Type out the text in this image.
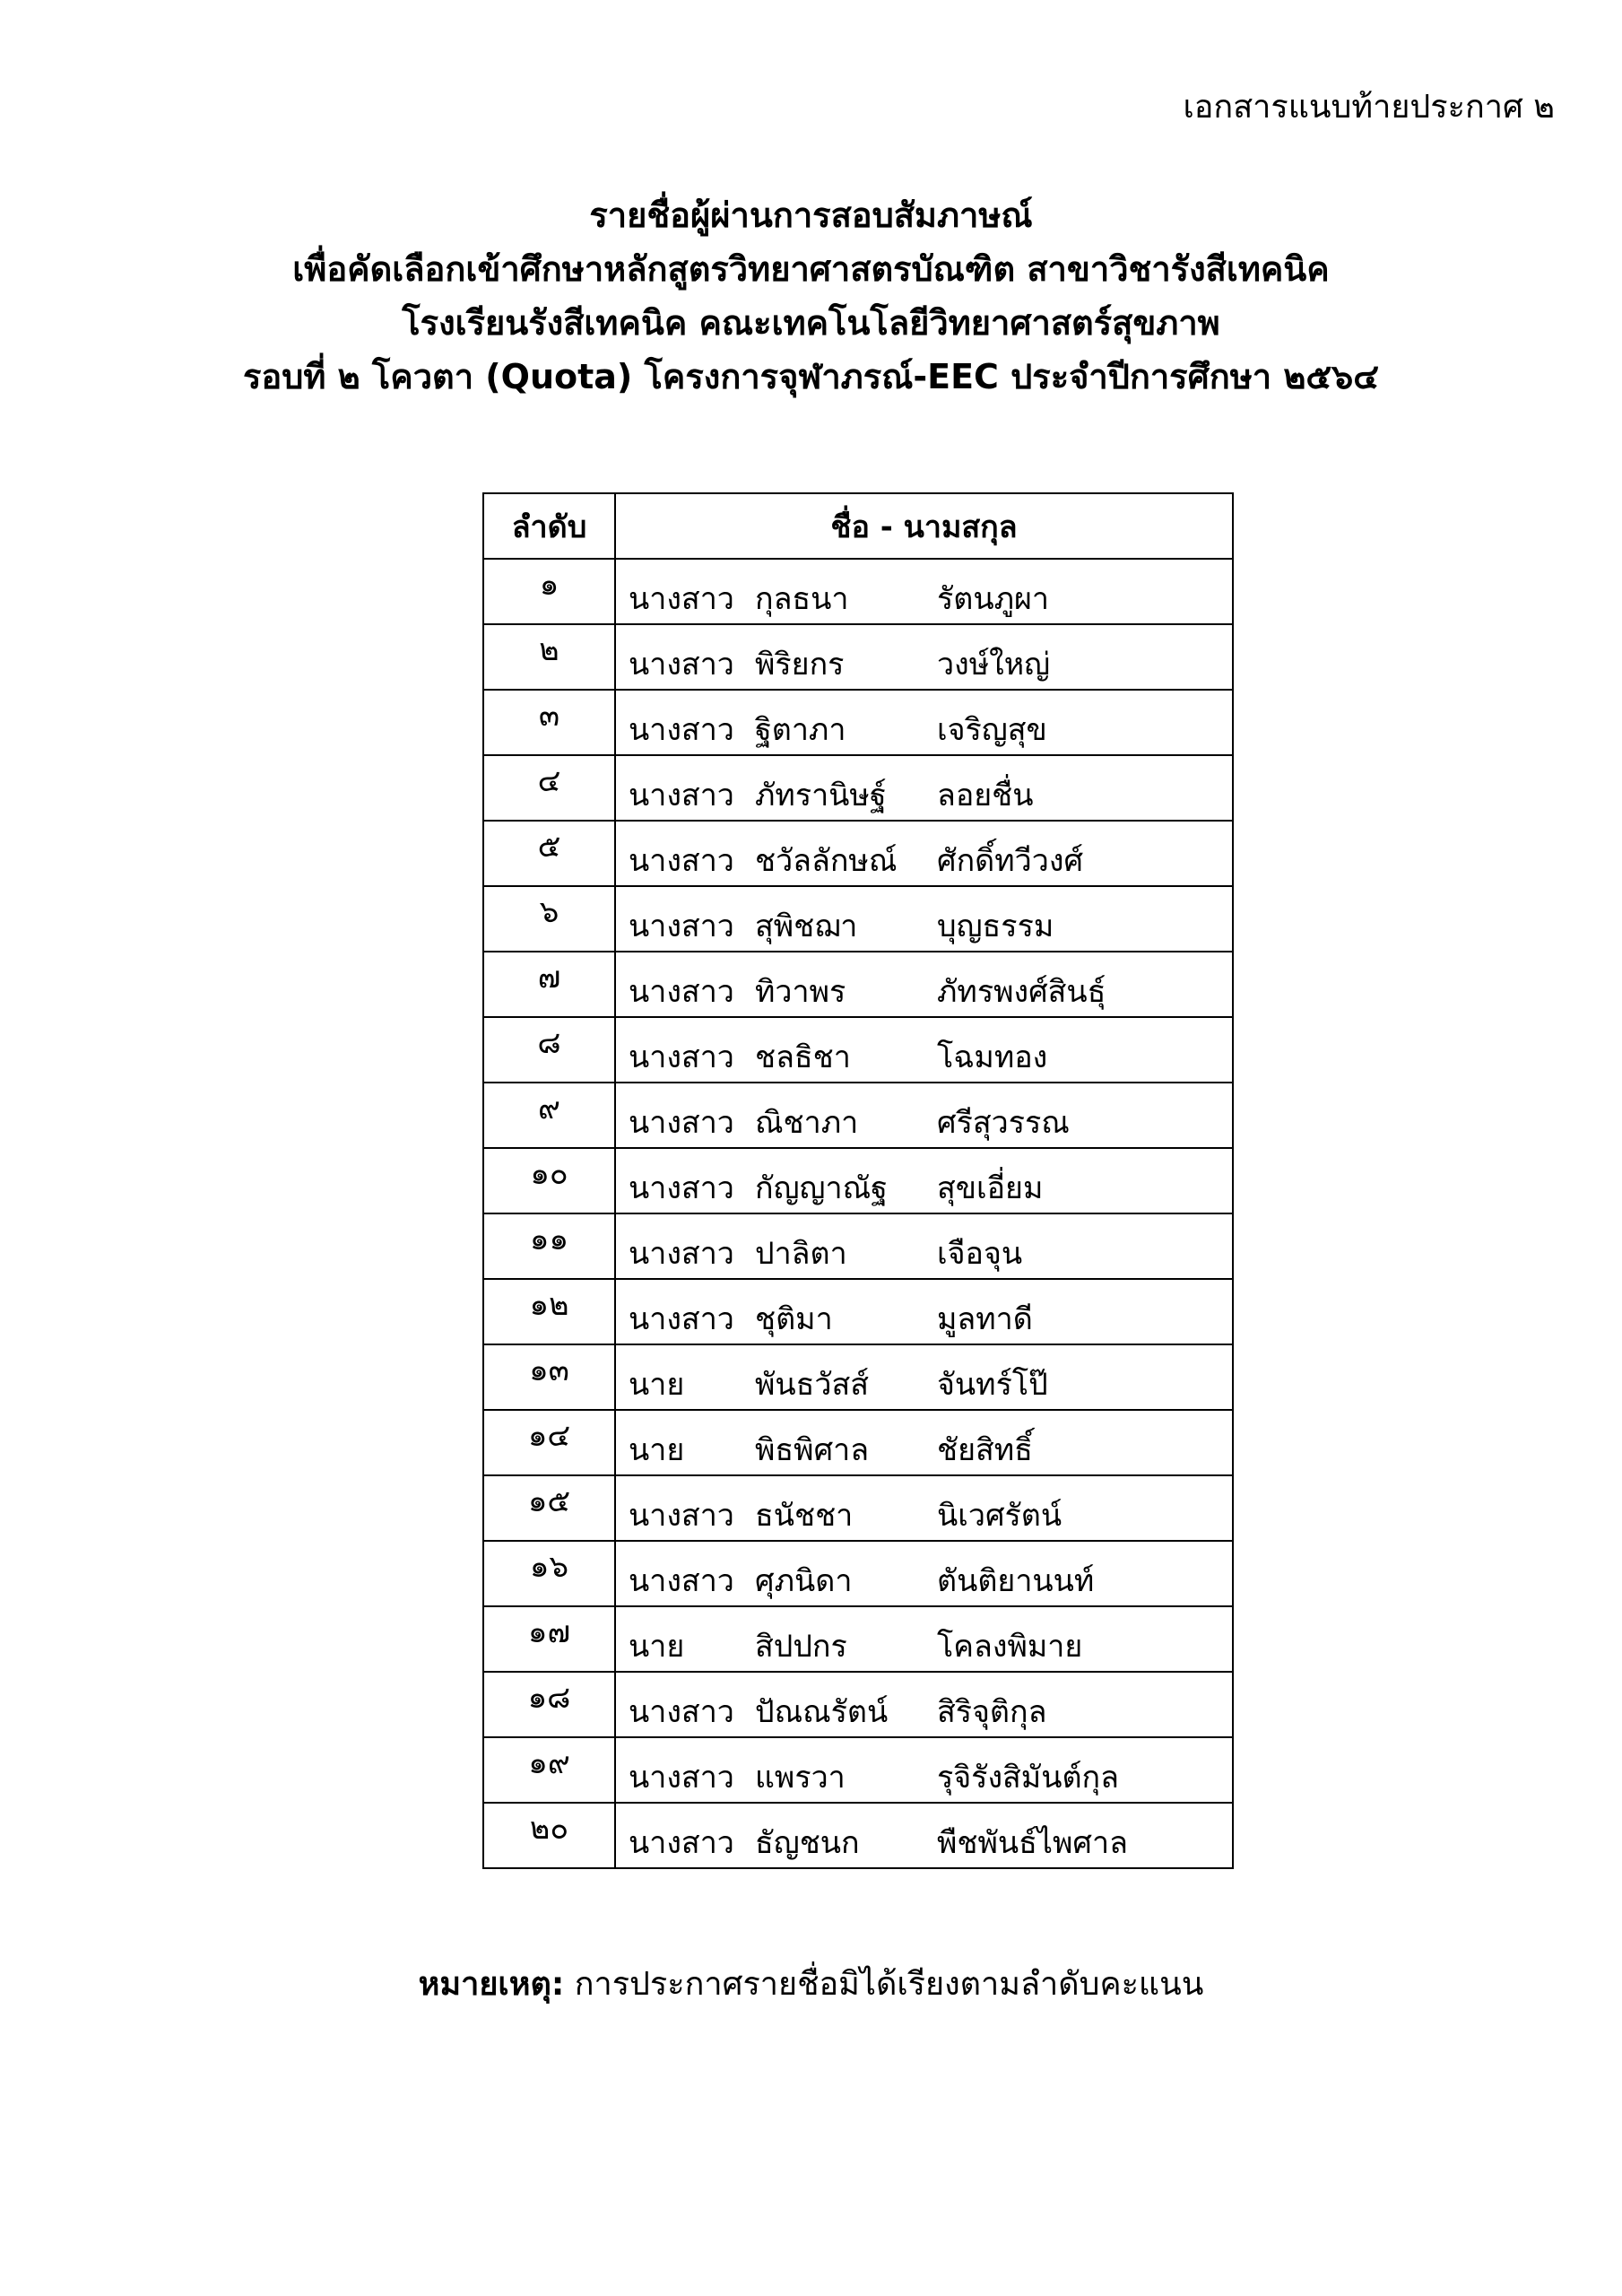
เอกสารแนบท้ายประกาศ ๒
รายชื่อผู้ผ่านการสอบสัมภาษณ์
เพื่อคัดเลือกเข้าศึกษาหลักสูตรวิทยาศาสตรบัณฑิต สาขาวิชารังสีเทคนิค
โรงเรียนรังสีเทคนิค คณะเทคโนโลยีวิทยาศาสตร์สุขภาพ
รอบที่ ๒ โควตา (Quota) โครงการจุฬาภรณ์-EEC ประจำปีการศึกษา ๒๕๖๔
ลำดับ	ชื่อ - นามสกุล
๑	นางสาว กุลธนา รัตนภูผา

๒	นางสาว พิริยกร วงษ์ใหญ่

๓	นางสาว ฐิตาภา เจริญสุข

๔	นางสาว ภัทรานิษฐ์ ลอยชื่น

๕	นางสาว ชวัลลักษณ์ ศักดิ์ทวีวงศ์

๖	นางสาว สุพิชฌา บุญธรรม

๗	นางสาว ทิวาพร ภัทรพงศ์สินธุ์

๘	นางสาว ชลธิชา โฉมทอง

๙	นางสาว ณิชาภา ศรีสุวรรณ

๑๐	นางสาว กัญญาณัฐ สุขเอี่ยม

๑๑	นางสาว ปาลิตา เจือจุน

๑๒	นางสาว ชุติมา มูลทาดี

๑๓	นาย พันธวัสส์ จันทร์โป๊

๑๔	นาย พิธพิศาล ชัยสิทธิ์

๑๕	นางสาว ธนัชชา นิเวศรัตน์

๑๖	นางสาว ศุภนิดา ตันติยานนท์

๑๗	นาย สิปปกร โคลงพิมาย

๑๘	นางสาว ปัณณรัตน์ สิริจุติกุล

๑๙	นางสาว แพรวา รุจิรังสิมันต์กุล

๒๐	นางสาว ธัญชนก พืชพันธ์ไพศาล
หมายเหตุ: การประกาศรายชื่อมิได้เรียงตามลำดับคะแนน
